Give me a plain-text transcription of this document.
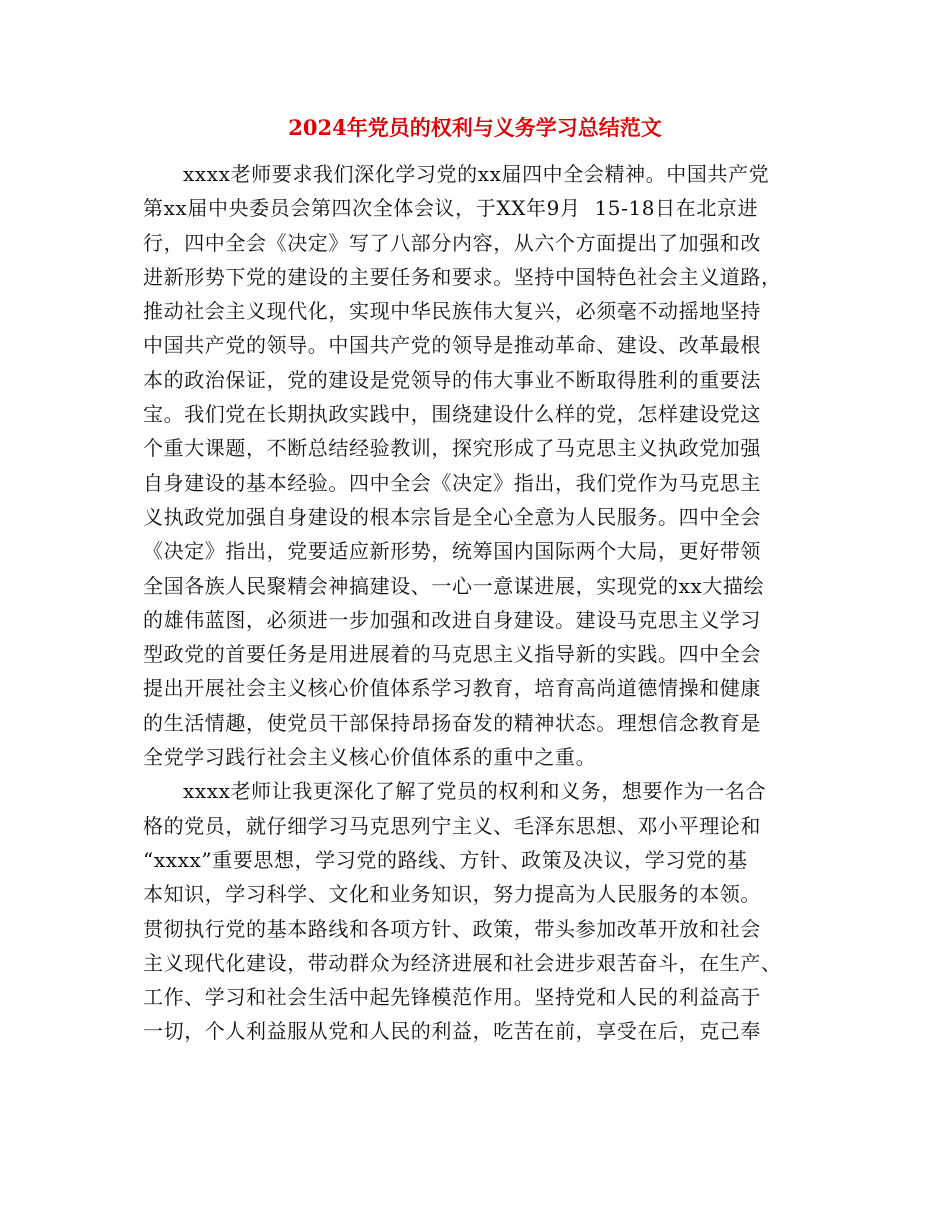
2024年党员的权利与义务学习总结范文
xxxx老师要求我们深化学习党的xx届四中全会精神。中国共产党
第xx届中央委员会第四次全体会议，于XX年9月  15-18日在北京进
行，四中全会《决定》写了八部分内容，从六个方面提出了加强和改
进新形势下党的建设的主要任务和要求。坚持中国特色社会主义道路，
推动社会主义现代化，实现中华民族伟大复兴，必须毫不动摇地坚持
中国共产党的领导。中国共产党的领导是推动革命、建设、改革最根
本的政治保证，党的建设是党领导的伟大事业不断取得胜利的重要法
宝。我们党在长期执政实践中，围绕建设什么样的党，怎样建设党这
个重大课题，不断总结经验教训，探究形成了马克思主义执政党加强
自身建设的基本经验。四中全会《决定》指出，我们党作为马克思主
义执政党加强自身建设的根本宗旨是全心全意为人民服务。四中全会
《决定》指出，党要适应新形势，统筹国内国际两个大局，更好带领
全国各族人民聚精会神搞建设、一心一意谋进展，实现党的xx大描绘
的雄伟蓝图，必须进一步加强和改进自身建设。建设马克思主义学习
型政党的首要任务是用进展着的马克思主义指导新的实践。四中全会
提出开展社会主义核心价值体系学习教育，培育高尚道德情操和健康
的生活情趣，使党员干部保持昂扬奋发的精神状态。理想信念教育是
全党学习践行社会主义核心价值体系的重中之重。
xxxx老师让我更深化了解了党员的权利和义务，想要作为一名合
格的党员，就仔细学习马克思列宁主义、毛泽东思想、邓小平理论和
“xxxx”重要思想，学习党的路线、方针、政策及决议，学习党的基
本知识，学习科学、文化和业务知识，努力提高为人民服务的本领。
贯彻执行党的基本路线和各项方针、政策，带头参加改革开放和社会
主义现代化建设，带动群众为经济进展和社会进步艰苦奋斗，在生产、
工作、学习和社会生活中起先锋模范作用。坚持党和人民的利益高于
一切，个人利益服从党和人民的利益，吃苦在前，享受在后，克己奉
